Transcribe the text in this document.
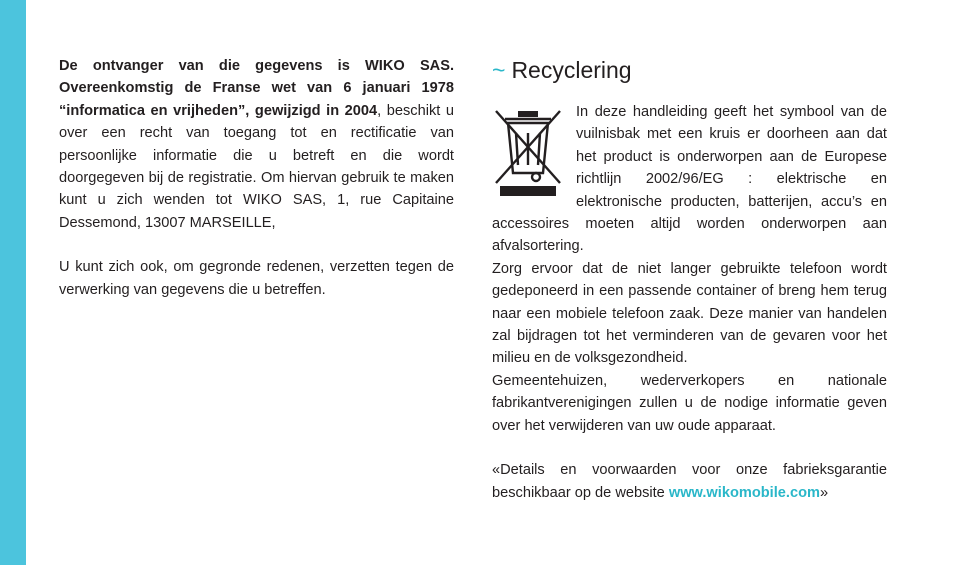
De ontvanger van die gegevens is WIKO SAS. Overeenkomstig de Franse wet van 6 januari 1978 “informatica en vrijheden”, gewijzigd in 2004, beschikt u over een recht van toegang tot en rectificatie van persoonlijke informatie die u betreft en die wordt doorgegeven bij de registratie. Om hiervan gebruik te maken kunt u zich wenden tot WIKO SAS, 1, rue Capitaine Dessemond, 13007 MARSEILLE,

U kunt zich ook, om gegronde redenen, verzetten tegen de verwerking van gegevens die u betreffen.

~ Recyclering

In deze handleiding geeft het symbool van de vuilnisbak met een kruis er doorheen aan dat het product is onderworpen aan de Europese richtlijn 2002/96/EG : elektrische en elektronische producten, batterijen, accu’s en accessoires moeten altijd worden onderworpen aan afvalsortering.

Zorg ervoor dat de niet langer gebruikte telefoon wordt gedeponeerd in een passende container of breng hem terug naar een mobiele telefoon zaak. Deze manier van handelen zal bijdragen tot het verminderen van de gevaren voor het milieu en de volksgezondheid.

Gemeentehuizen, wederverkopers en nationale fabrikantverenigingen zullen u de nodige informatie geven over het verwijderen van uw oude apparaat.

«Details en voorwaarden voor onze fabrieksgarantie beschikbaar op de website www.wikomobile.com»
